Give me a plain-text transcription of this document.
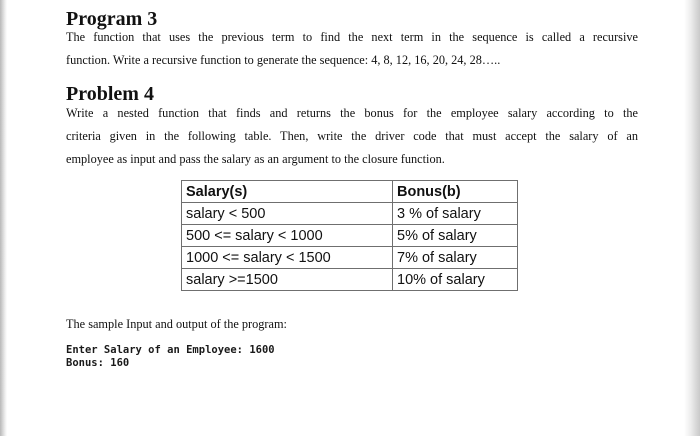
Program 3

The function that uses the previous term to find the next term in the sequence is called a recursive
function. Write a recursive function to generate the sequence: 4, 8, 12, 16, 20, 24, 28…..

Problem 4

Write a nested function that finds and returns the bonus for the employee salary according to the
criteria given in the following table. Then, write the driver code that must accept the salary of an
employee as input and pass the salary as an argument to the closure function.

Salary(s)	Bonus(b)
salary < 500	3 % of salary
500 <= salary < 1000	5% of salary
1000 <= salary < 1500	7% of salary
salary >=1500	10% of salary

The sample Input and output of the program:

Enter Salary of an Employee: 1600
Bonus: 160
